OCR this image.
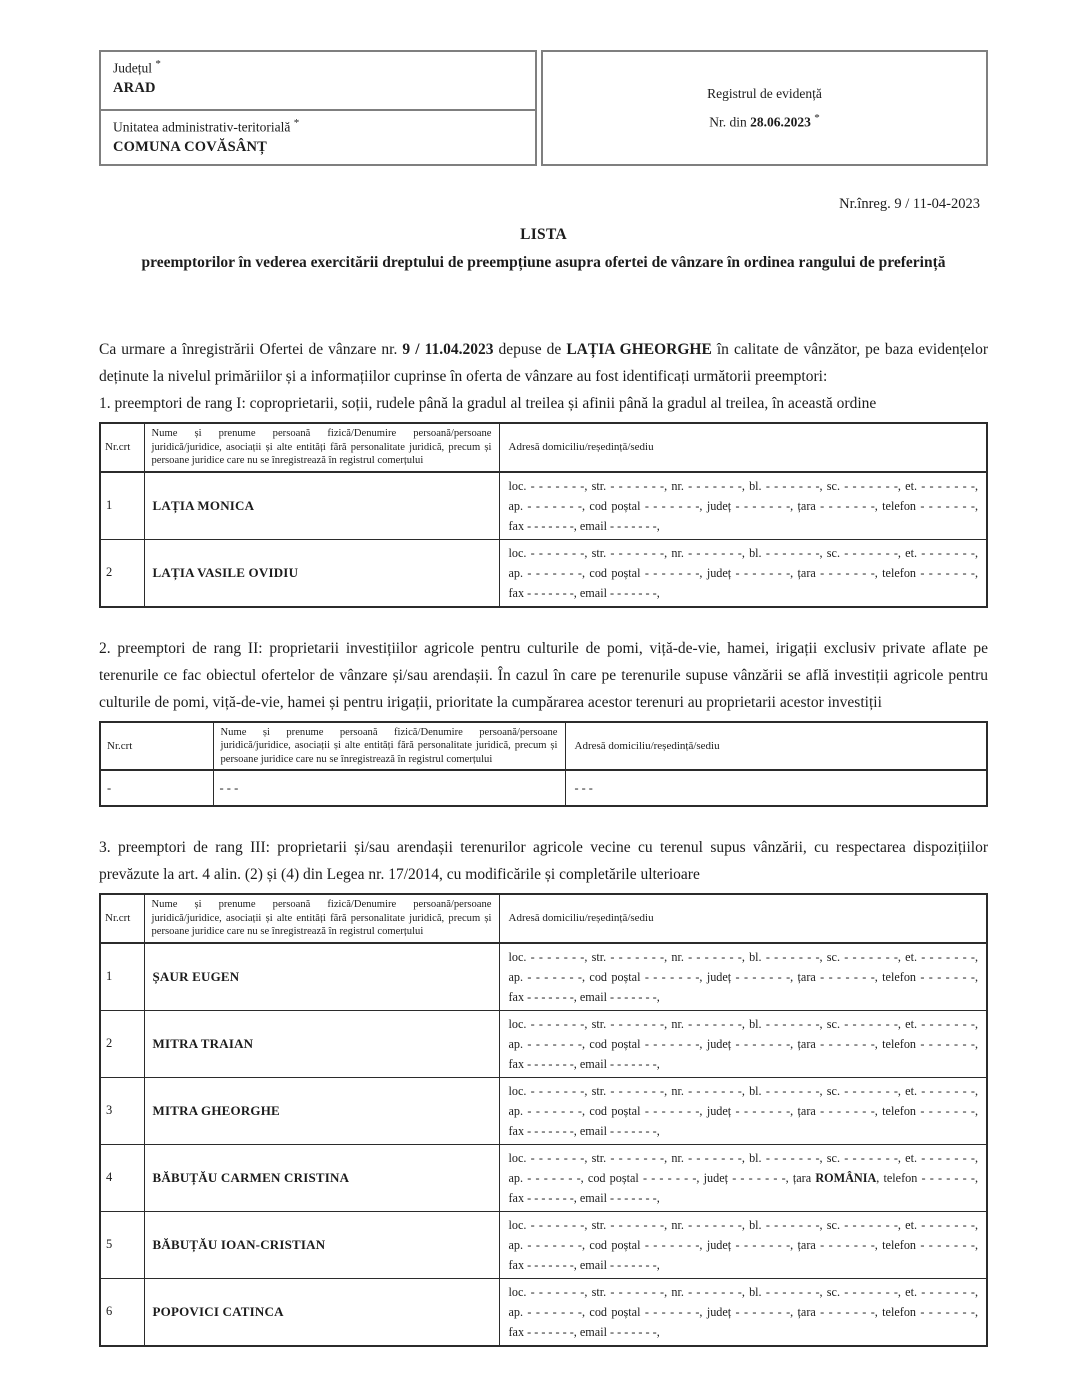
Județul *
ARAD
Unitatea administrativ-teritorială *
COMUNA COVĂSÂNȚ
Registrul de evidență
Nr. din 28.06.2023 *
Nr.înreg. 9 / 11-04-2023
LISTA
preemptorilor în vederea exercitării dreptului de preempțiune asupra ofertei de vânzare în ordinea rangului de preferință

Ca urmare a înregistrării Ofertei de vânzare nr. 9 / 11.04.2023 depuse de LAȚIA GHEORGHE în calitate de vânzător, pe baza evidențelor deținute la nivelul primăriilor și a informațiilor cuprinse în oferta de vânzare au fost identificați următorii preemptori:

1. preemptori de rang I: coproprietarii, soții, rudele până la gradul al treilea și afinii până la gradul al treilea, în această ordine

Nr.crt	Nume și prenume persoană fizică/Denumire persoană/persoane juridică/juridice, asociații și alte entități fără personalitate juridică, precum și persoane juridice care nu se înregistrează în registrul comerțului	Adresă domiciliu/reședință/sediu
1	LAȚIA MONICA	loc. - - - - - - -, str. - - - - - - -, nr. - - - - - - -, bl. - - - - - - -, sc. - - - - - - -, et. - - - - - - -,
ap. - - - - - - -, cod poștal - - - - - - -, județ - - - - - - -, țara - - - - - - -, telefon - - - - - - -,
fax - - - - - - -, email - - - - - - -,

2	LAȚIA VASILE OVIDIU	loc. - - - - - - -, str. - - - - - - -, nr. - - - - - - -, bl. - - - - - - -, sc. - - - - - - -, et. - - - - - - -,
ap. - - - - - - -, cod poștal - - - - - - -, județ - - - - - - -, țara - - - - - - -, telefon - - - - - - -,
fax - - - - - - -, email - - - - - - -,

2. preemptori de rang II: proprietarii investițiilor agricole pentru culturile de pomi, viță-de-vie, hamei, irigații exclusiv private aflate pe terenurile ce fac obiectul ofertelor de vânzare și/sau arendașii. În cazul în care pe terenurile supuse vânzării se află investiții agricole pentru culturile de pomi, viță-de-vie, hamei și pentru irigații, prioritate la cumpărarea acestor terenuri au proprietarii acestor investiții

Nr.crt	Nume și prenume persoană fizică/Denumire persoană/persoane juridică/juridice, asociații și alte entități fără personalitate juridică, precum și persoane juridice care nu se înregistrează în registrul comerțului	Adresă domiciliu/reședință/sediu
-	- - -	- - -

3. preemptori de rang III: proprietarii și/sau arendașii terenurilor agricole vecine cu terenul supus vânzării, cu respectarea dispozițiilor prevăzute la art. 4 alin. (2) și (4) din Legea nr. 17/2014, cu modificările și completările ulterioare

Nr.crt	Nume și prenume persoană fizică/Denumire persoană/persoane juridică/juridice, asociații și alte entități fără personalitate juridică, precum și persoane juridice care nu se înregistrează în registrul comerțului	Adresă domiciliu/reședință/sediu
1	ȘAUR EUGEN	loc. - - - - - - -, str. - - - - - - -, nr. - - - - - - -, bl. - - - - - - -, sc. - - - - - - -, et. - - - - - - -,
ap. - - - - - - -, cod poștal - - - - - - -, județ - - - - - - -, țara - - - - - - -, telefon - - - - - - -,
fax - - - - - - -, email - - - - - - -,

2	MITRA TRAIAN	loc. - - - - - - -, str. - - - - - - -, nr. - - - - - - -, bl. - - - - - - -, sc. - - - - - - -, et. - - - - - - -,
ap. - - - - - - -, cod poștal - - - - - - -, județ - - - - - - -, țara - - - - - - -, telefon - - - - - - -,
fax - - - - - - -, email - - - - - - -,

3	MITRA GHEORGHE	loc. - - - - - - -, str. - - - - - - -, nr. - - - - - - -, bl. - - - - - - -, sc. - - - - - - -, et. - - - - - - -,
ap. - - - - - - -, cod poștal - - - - - - -, județ - - - - - - -, țara - - - - - - -, telefon - - - - - - -,
fax - - - - - - -, email - - - - - - -,

4	BĂBUȚĂU CARMEN CRISTINA	loc. - - - - - - -, str. - - - - - - -, nr. - - - - - - -, bl. - - - - - - -, sc. - - - - - - -, et. - - - - - - -,
ap. - - - - - - -, cod poștal - - - - - - -, județ - - - - - - -, țara ROMÂNIA, telefon - - - - - - -,
fax - - - - - - -, email - - - - - - -,

5	BĂBUȚĂU IOAN-CRISTIAN	loc. - - - - - - -, str. - - - - - - -, nr. - - - - - - -, bl. - - - - - - -, sc. - - - - - - -, et. - - - - - - -,
ap. - - - - - - -, cod poștal - - - - - - -, județ - - - - - - -, țara - - - - - - -, telefon - - - - - - -,
fax - - - - - - -, email - - - - - - -,

6	POPOVICI CATINCA	loc. - - - - - - -, str. - - - - - - -, nr. - - - - - - -, bl. - - - - - - -, sc. - - - - - - -, et. - - - - - - -,
ap. - - - - - - -, cod poștal - - - - - - -, județ - - - - - - -, țara - - - - - - -, telefon - - - - - - -,
fax - - - - - - -, email - - - - - - -,
